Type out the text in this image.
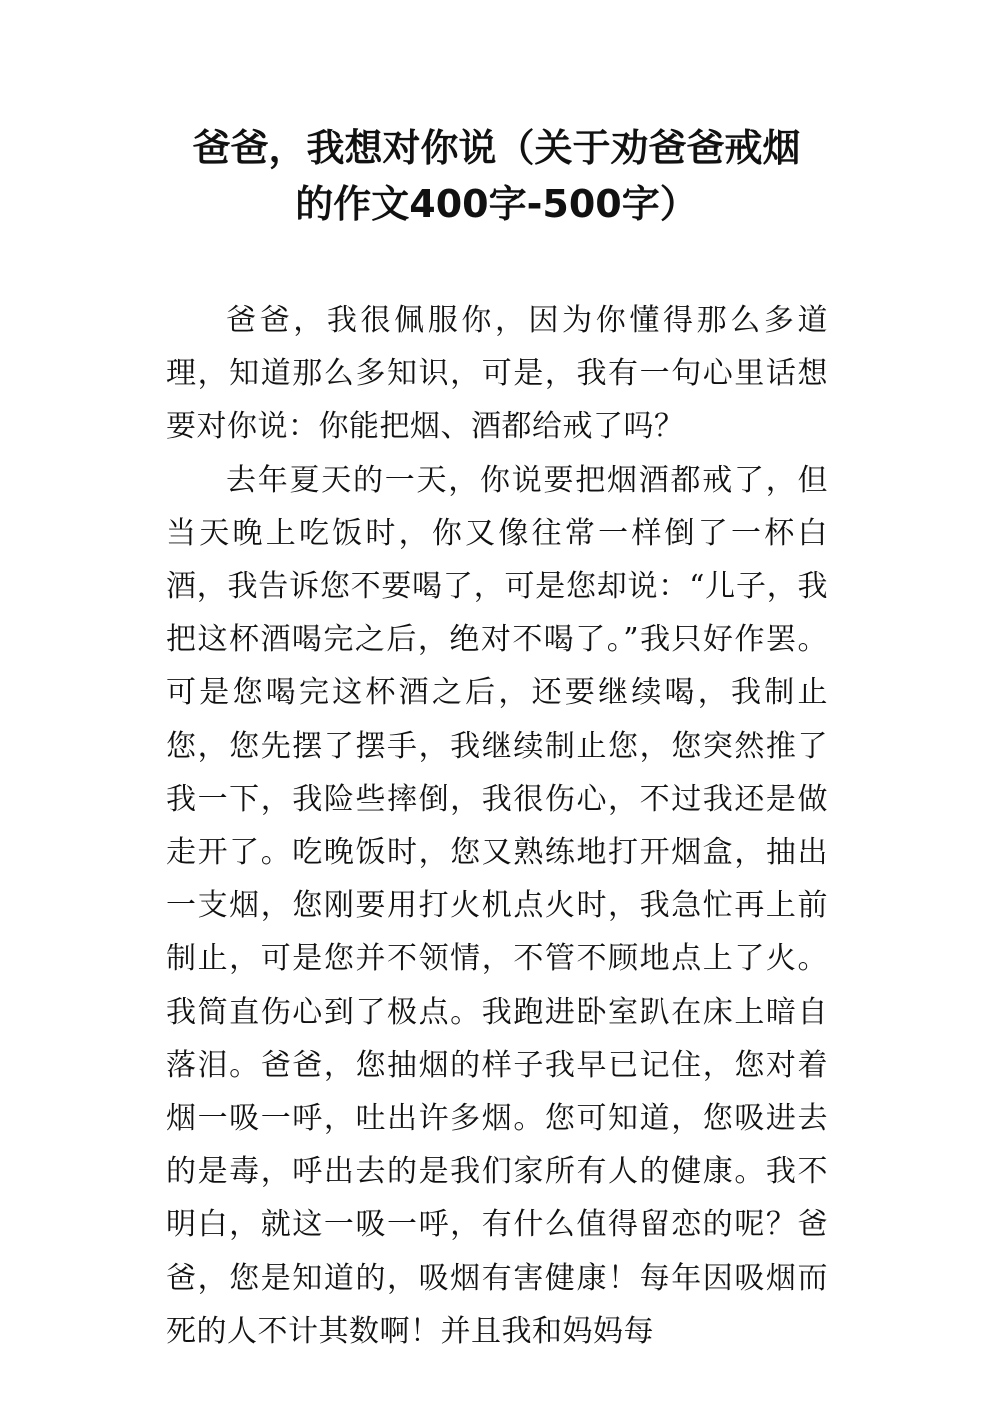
爸爸，我想对你说（关于劝爸爸戒烟
的作文400字-500字）

爸爸，我很佩服你，因为你懂得那么多道理，知道那么多知识，可是，我有一句心里话想要对你说：你能把烟、酒都给戒了吗？

去年夏天的一天，你说要把烟酒都戒了，但当天晚上吃饭时，你又像往常一样倒了一杯白酒，我告诉您不要喝了，可是您却说：“儿子，我把这杯酒喝完之后，绝对不喝了。”我只好作罢。可是您喝完这杯酒之后，还要继续喝，我制止您，您先摆了摆手，我继续制止您，您突然推了我一下，我险些摔倒，我很伤心，不过我还是做走开了。吃晚饭时，您又熟练地打开烟盒，抽出一支烟，您刚要用打火机点火时，我急忙再上前制止，可是您并不领情，不管不顾地点上了火。我简直伤心到了极点。我跑进卧室趴在床上暗自落泪。爸爸，您抽烟的样子我早已记住，您对着烟一吸一呼，吐出许多烟。您可知道，您吸进去的是毒，呼出去的是我们家所有人的健康。我不明白，就这一吸一呼，有什么值得留恋的呢？爸爸，您是知道的，吸烟有害健康！每年因吸烟而死的人不计其数啊！并且我和妈妈每
